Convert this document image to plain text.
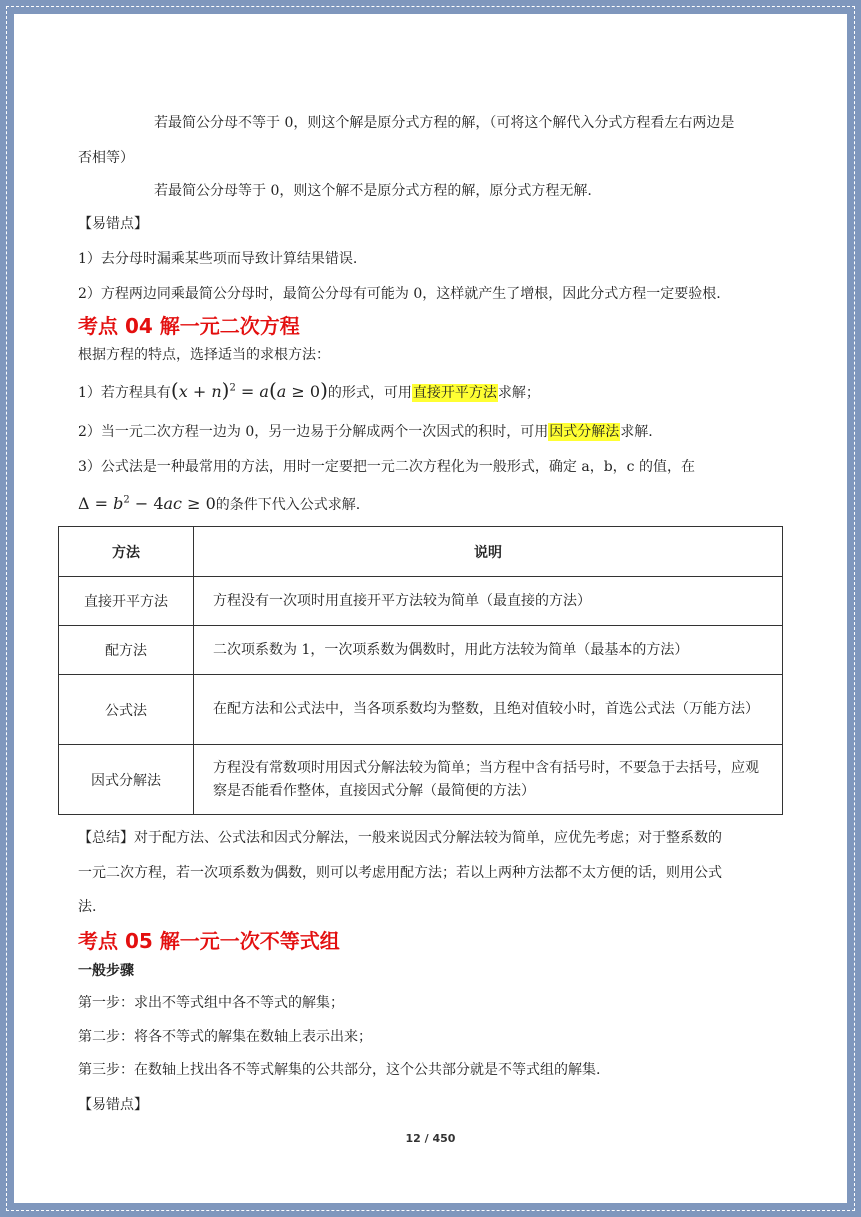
若最简公分母不等于 0，则这个解是原分式方程的解，（可将这个解代入分式方程看左右两边是
否相等）
若最简公分母等于 0，则这个解不是原分式方程的解，原分式方程无解.
【易错点】
1）去分母时漏乘某些项而导致计算结果错误.
2）方程两边同乘最简公分母时，最简公分母有可能为 0，这样就产生了增根，因此分式方程一定要验根.
考点 04 解一元二次方程
根据方程的特点，选择适当的求根方法：
1）若方程具有$(x + n)^2 = a(a \ge 0)$的形式，可用直接开平方法求解；
2）当一元二次方程一边为 0，另一边易于分解成两个一次因式的积时，可用因式分解法求解.
3）公式法是一种最常用的方法，用时一定要把一元二次方程化为一般形式，确定 a，b，c 的值，在
$\Delta = b^2 - 4ac \ge 0$的条件下代入公式求解.
方法	说明
直接开平方法	方程没有一次项时用直接开平方法较为简单（最直接的方法）
配方法	二次项系数为 1，一次项系数为偶数时，用此方法较为简单（最基本的方法）
公式法	在配方法和公式法中，当各项系数均为整数，且绝对值较小时，首选公式法（万能方法）
因式分解法	方程没有常数项时用因式分解法较为简单；当方程中含有括号时，不要急于去括号，应观察是否能看作整体，直接因式分解（最简便的方法）
【总结】对于配方法、公式法和因式分解法，一般来说因式分解法较为简单，应优先考虑；对于整系数的
一元二次方程，若一次项系数为偶数，则可以考虑用配方法；若以上两种方法都不太方便的话，则用公式
法.
考点 05 解一元一次不等式组
一般步骤
第一步：求出不等式组中各不等式的解集；
第二步：将各不等式的解集在数轴上表示出来；
第三步：在数轴上找出各不等式解集的公共部分，这个公共部分就是不等式组的解集.
【易错点】
12 / 450
